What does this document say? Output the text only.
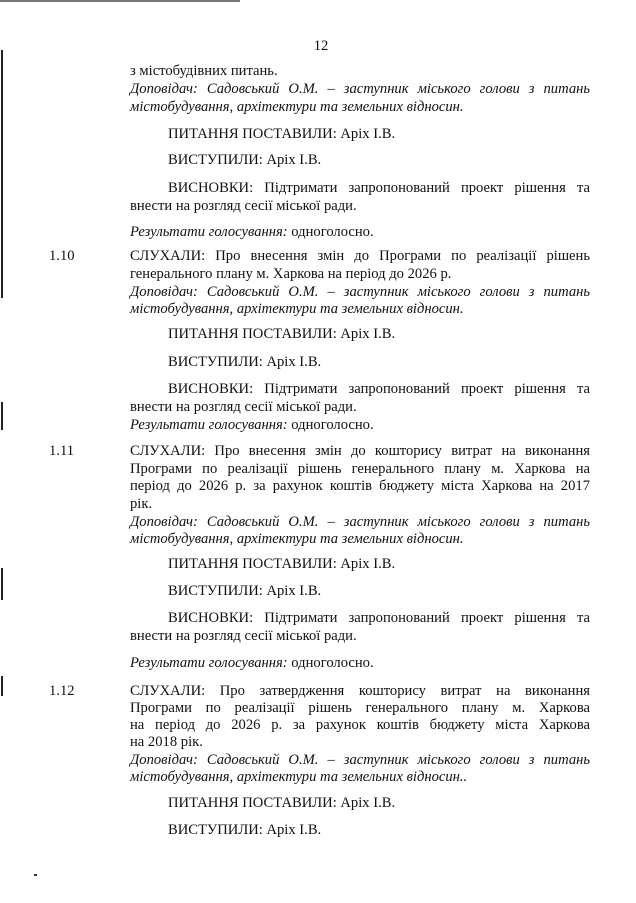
12
з містобудівних питань.
Доповідач: Садовський О.М. – заступник міського голови з питань
містобудування, архітектури та земельних відносин.
ПИТАННЯ ПОСТАВИЛИ: Аріх І.В.
ВИСТУПИЛИ: Аріх І.В.
ВИСНОВКИ: Підтримати запропонований проект рішення та
внести на розгляд сесії міської ради.
Результати голосування: одноголосно.
1.10	СЛУХАЛИ: Про внесення змін до Програми по реалізації рішень
генерального плану м. Харкова на період до 2026 р.
Доповідач: Садовський О.М. – заступник міського голови з питань
містобудування, архітектури та земельних відносин.
ПИТАННЯ ПОСТАВИЛИ: Аріх І.В.
ВИСТУПИЛИ: Аріх І.В.
ВИСНОВКИ: Підтримати запропонований проект рішення та
внести на розгляд сесії міської ради.
Результати голосування: одноголосно.
1.11	СЛУХАЛИ: Про внесення змін до кошторису витрат на виконання
Програми по реалізації рішень генерального плану м. Харкова на
період до 2026 р. за рахунок коштів бюджету міста Харкова на 2017
рік.
Доповідач: Садовський О.М. – заступник міського голови з питань
містобудування, архітектури та земельних відносин.
ПИТАННЯ ПОСТАВИЛИ: Аріх І.В.
ВИСТУПИЛИ: Аріх І.В.
ВИСНОВКИ: Підтримати запропонований проект рішення та
внести на розгляд сесії міської ради.
Результати голосування: одноголосно.
1.12	СЛУХАЛИ: Про затвердження кошторису витрат на виконання
Програми по реалізації рішень генерального плану м. Харкова
на період до 2026 р. за рахунок коштів бюджету міста Харкова
на 2018 рік.
Доповідач: Садовський О.М. – заступник міського голови з питань
містобудування, архітектури та земельних відносин..
ПИТАННЯ ПОСТАВИЛИ: Аріх І.В.
ВИСТУПИЛИ: Аріх І.В.
